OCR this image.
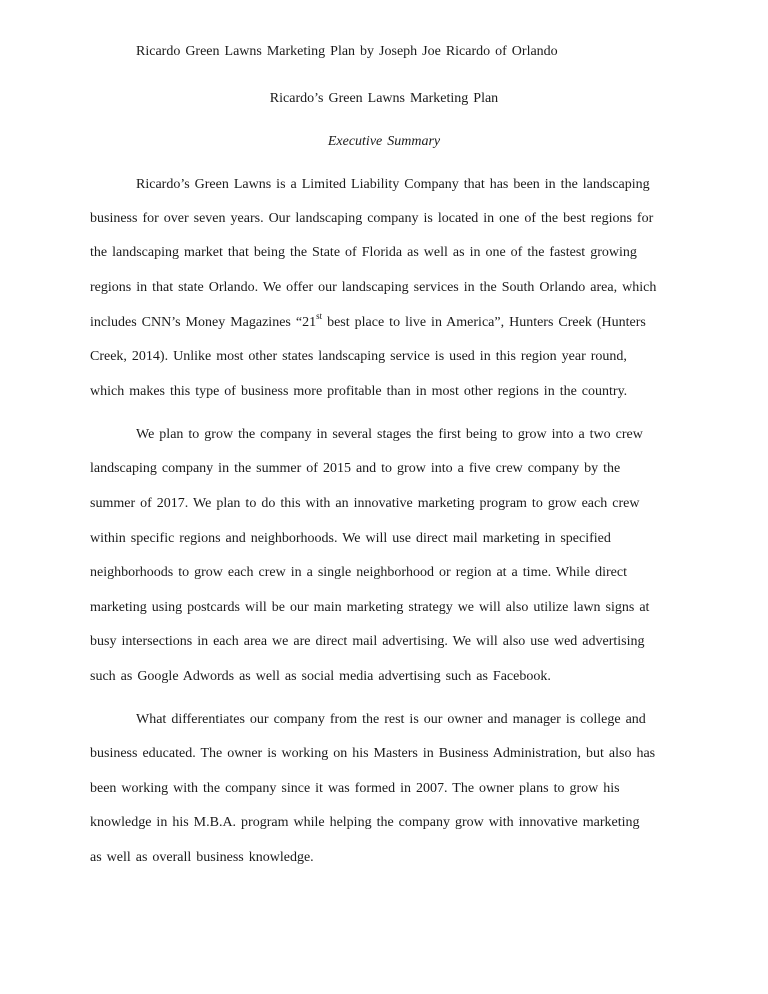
Ricardo Green Lawns Marketing Plan by Joseph Joe Ricardo of Orlando
Ricardo’s Green Lawns Marketing Plan
Executive Summary
Ricardo’s Green Lawns is a Limited Liability Company that has been in the landscaping
business for over seven years. Our landscaping company is located in one of the best regions for
the landscaping market that being the State of Florida as well as in one of the fastest growing
regions in that state Orlando. We offer our landscaping services in the South Orlando area, which
includes CNN’s Money Magazines “21st best place to live in America”, Hunters Creek (Hunters
Creek, 2014). Unlike most other states landscaping service is used in this region year round,
which makes this type of business more profitable than in most other regions in the country.
We plan to grow the company in several stages the first being to grow into a two crew
landscaping company in the summer of 2015 and to grow into a five crew company by the
summer of 2017. We plan to do this with an innovative marketing program to grow each crew
within specific regions and neighborhoods. We will use direct mail marketing in specified
neighborhoods to grow each crew in a single neighborhood or region at a time. While direct
marketing using postcards will be our main marketing strategy we will also utilize lawn signs at
busy intersections in each area we are direct mail advertising. We will also use wed advertising
such as Google Adwords as well as social media advertising such as Facebook.
What differentiates our company from the rest is our owner and manager is college and
business educated. The owner is working on his Masters in Business Administration, but also has
been working with the company since it was formed in 2007. The owner plans to grow his
knowledge in his M.B.A. program while helping the company grow with innovative marketing
as well as overall business knowledge.
